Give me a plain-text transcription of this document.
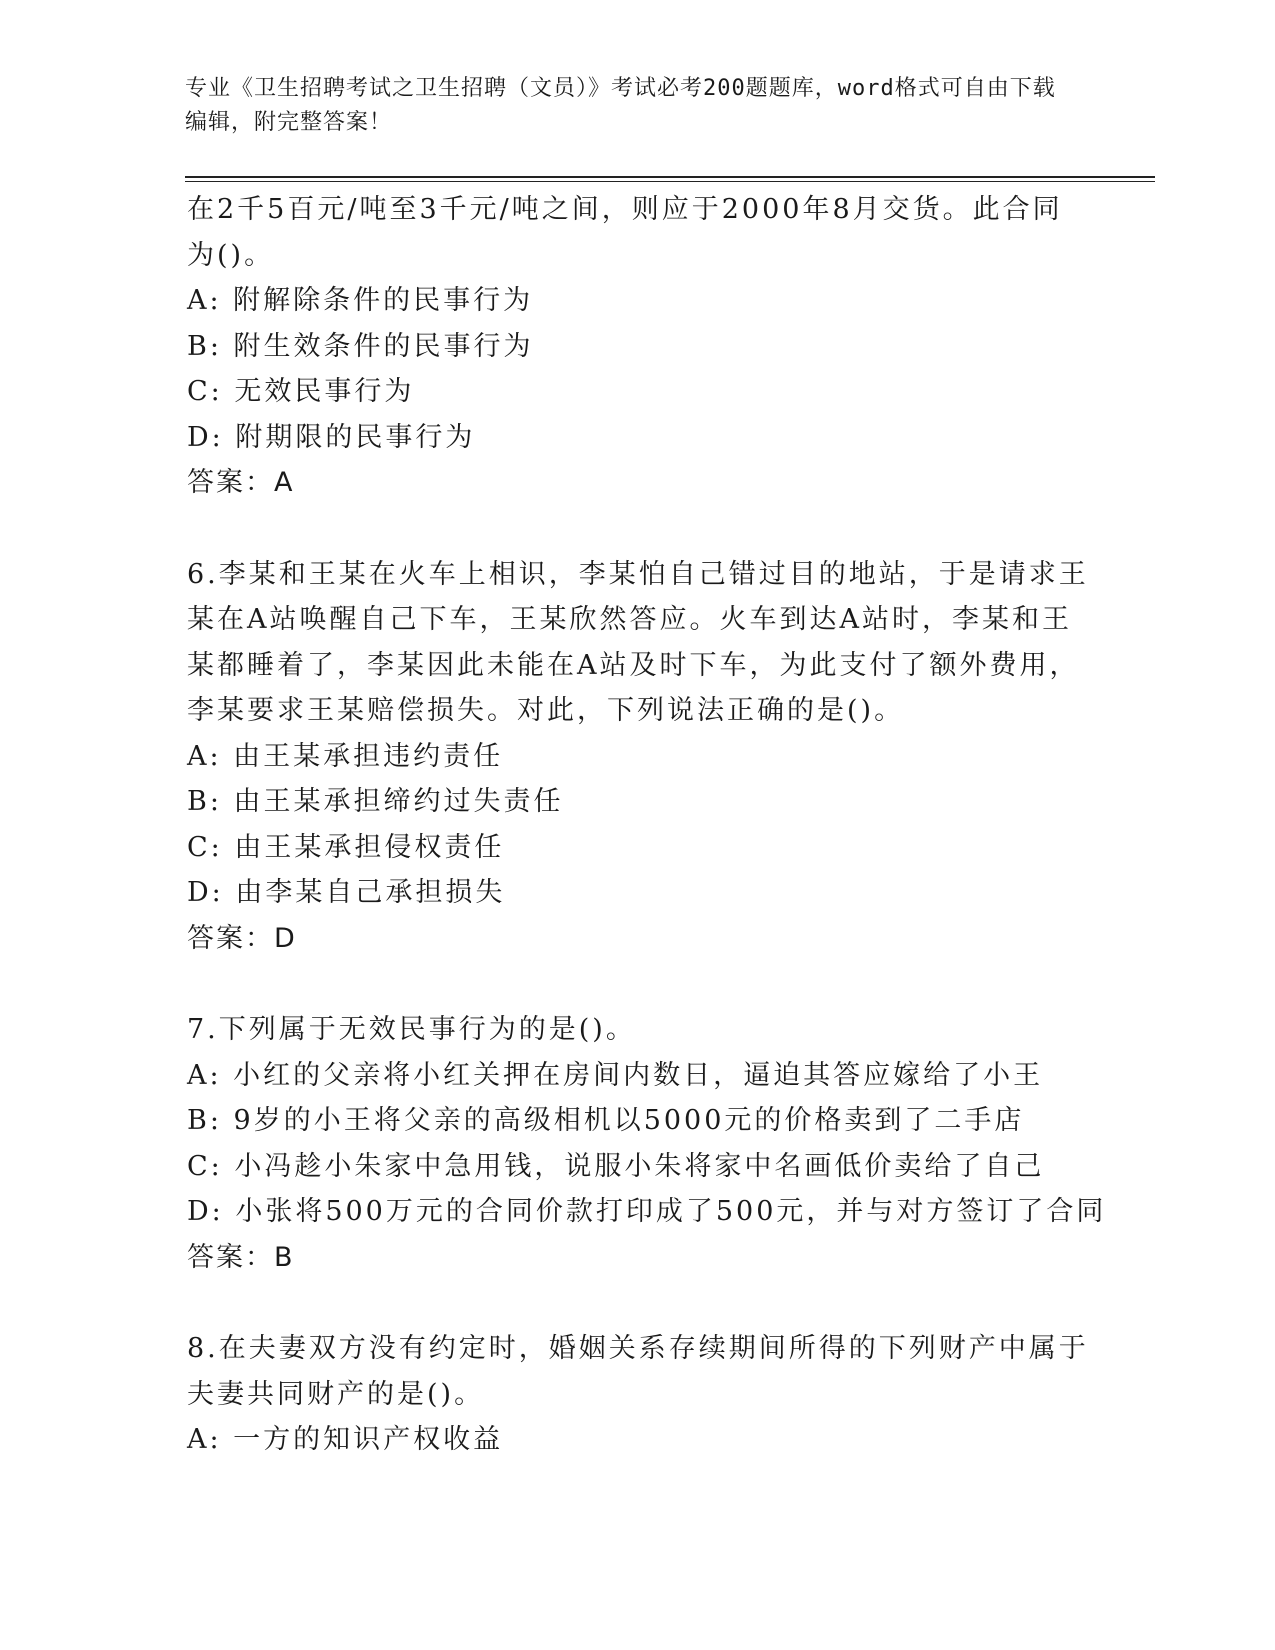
专业《卫生招聘考试之卫生招聘（文员）》考试必考200题题库，word格式可自由下载编辑，附完整答案！
在2千5百元/吨至3千元/吨之间，则应于2000年8月交货。此合同
为()。
A: 附解除条件的民事行为
B: 附生效条件的民事行为
C: 无效民事行为
D: 附期限的民事行为
答案：A
6.李某和王某在火车上相识，李某怕自己错过目的地站，于是请求王
某在A站唤醒自己下车，王某欣然答应。火车到达A站时，李某和王
某都睡着了，李某因此未能在A站及时下车，为此支付了额外费用，
李某要求王某赔偿损失。对此，下列说法正确的是()。
A: 由王某承担违约责任
B: 由王某承担缔约过失责任
C: 由王某承担侵权责任
D: 由李某自己承担损失
答案：D
7.下列属于无效民事行为的是()。
A: 小红的父亲将小红关押在房间内数日，逼迫其答应嫁给了小王
B: 9岁的小王将父亲的高级相机以5000元的价格卖到了二手店
C: 小冯趁小朱家中急用钱，说服小朱将家中名画低价卖给了自己
D: 小张将500万元的合同价款打印成了500元，并与对方签订了合同
答案：B
8.在夫妻双方没有约定时，婚姻关系存续期间所得的下列财产中属于
夫妻共同财产的是()。
A: 一方的知识产权收益
